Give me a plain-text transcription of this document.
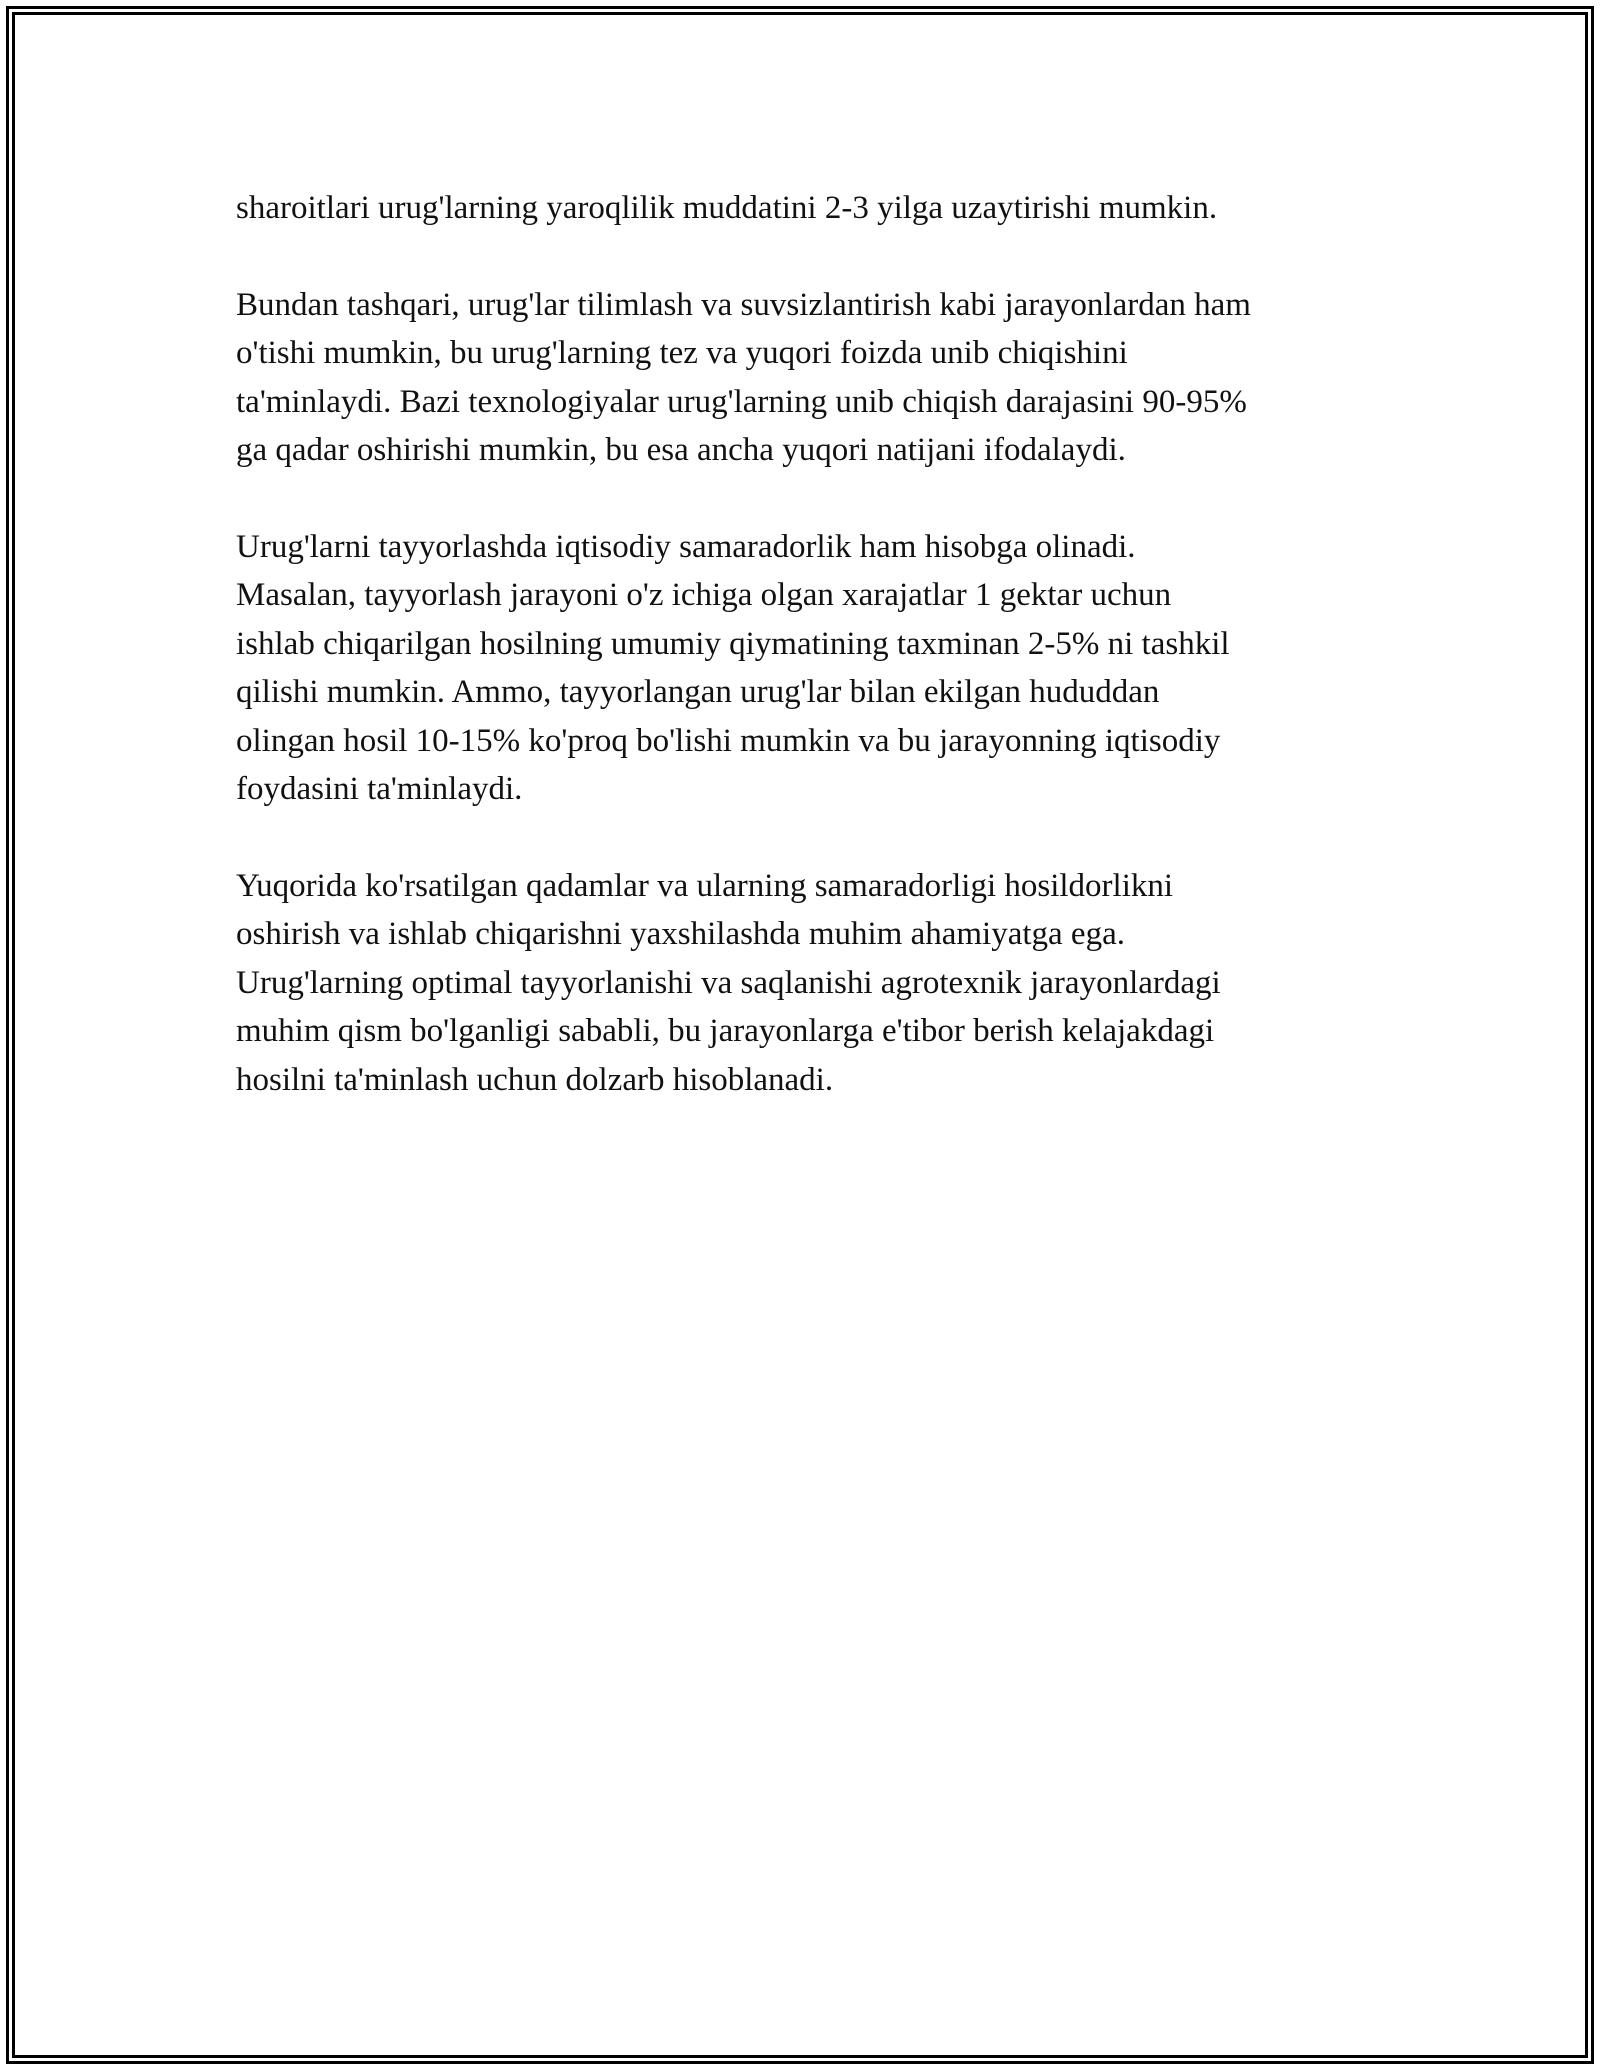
sharoitlari urug'larning yaroqlilik muddatini 2-3 yilga uzaytirishi mumkin.

Bundan tashqari, urug'lar tilimlash va suvsizlantirish kabi jarayonlardan ham
o'tishi mumkin, bu urug'larning tez va yuqori foizda unib chiqishini
ta'minlaydi. Bazi texnologiyalar urug'larning unib chiqish darajasini 90-95%
ga qadar oshirishi mumkin, bu esa ancha yuqori natijani ifodalaydi.

Urug'larni tayyorlashda iqtisodiy samaradorlik ham hisobga olinadi.
Masalan, tayyorlash jarayoni o'z ichiga olgan xarajatlar 1 gektar uchun
ishlab chiqarilgan hosilning umumiy qiymatining taxminan 2-5% ni tashkil
qilishi mumkin. Ammo, tayyorlangan urug'lar bilan ekilgan hududdan
olingan hosil 10-15% ko'proq bo'lishi mumkin va bu jarayonning iqtisodiy
foydasini ta'minlaydi.

Yuqorida ko'rsatilgan qadamlar va ularning samaradorligi hosildorlikni
oshirish va ishlab chiqarishni yaxshilashda muhim ahamiyatga ega.
Urug'larning optimal tayyorlanishi va saqlanishi agrotexnik jarayonlardagi
muhim qism bo'lganligi sababli, bu jarayonlarga e'tibor berish kelajakdagi
hosilni ta'minlash uchun dolzarb hisoblanadi.
